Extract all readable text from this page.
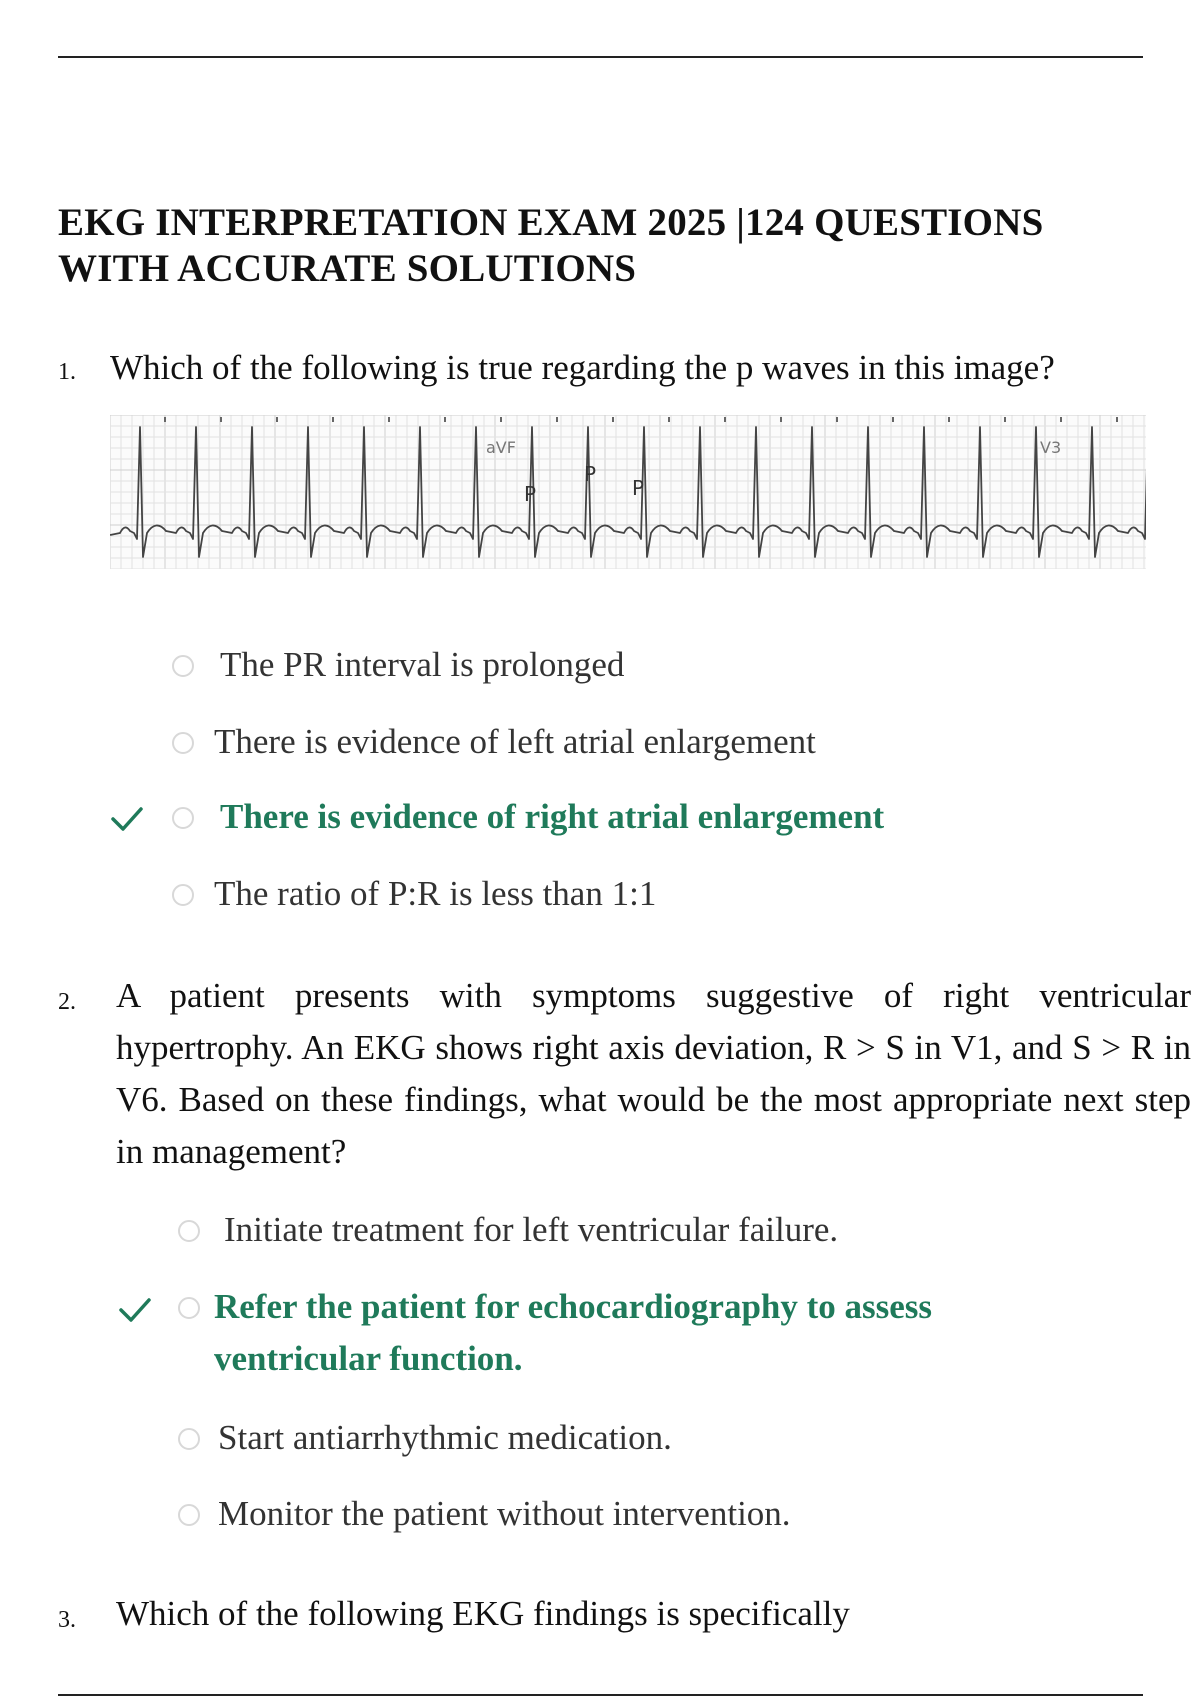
EKG INTERPRETATION EXAM 2025 |124 QUESTIONS
WITH ACCURATE SOLUTIONS
1. Which of the following is true regarding the p waves in this image?
aVF	V3
P
P
P
The PR interval is prolonged
There is evidence of left atrial enlargement
There is evidence of right atrial enlargement
The ratio of P:R is less than 1:1
2. A patient presents with symptoms suggestive of right ventricular hypertrophy. An EKG shows right axis deviation, R > S in V1, and S > R in V6. Based on these findings, what would be the most appropriate next step in management?
Initiate treatment for left ventricular failure.
Refer the patient for echocardiography to assess
ventricular function.
Start antiarrhythmic medication.
Monitor the patient without intervention.
3. Which of the following EKG findings is specifically
